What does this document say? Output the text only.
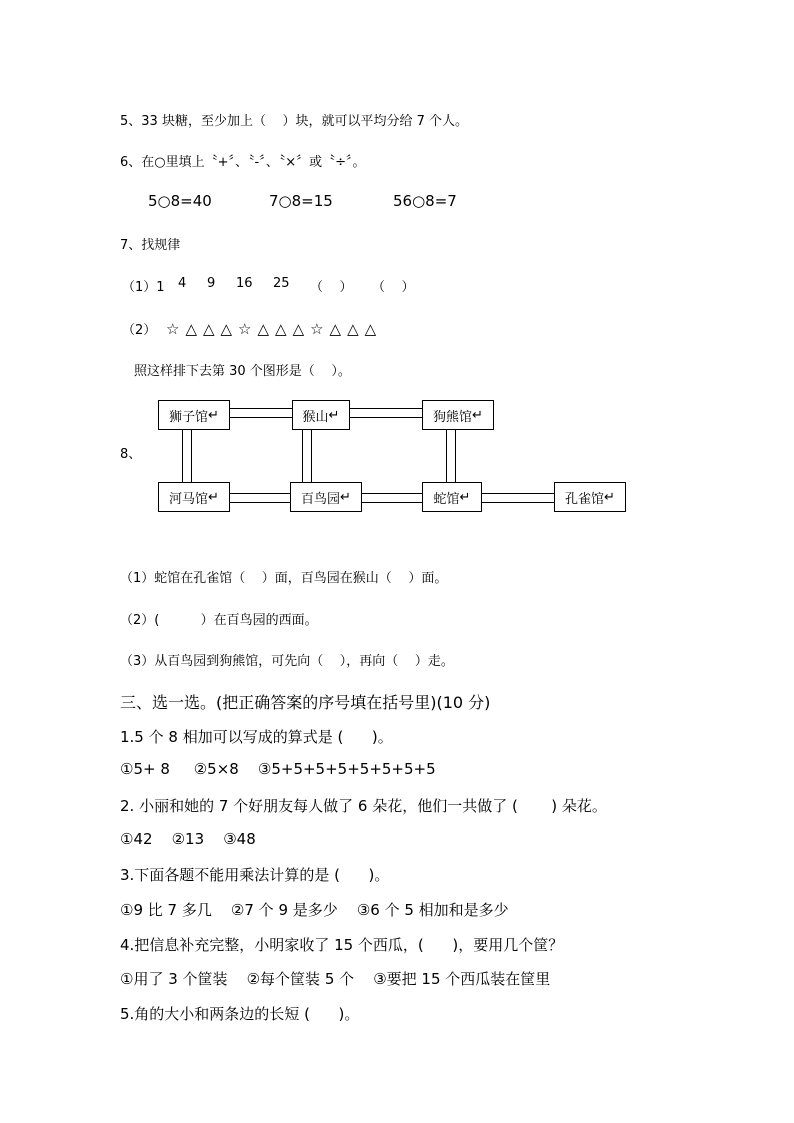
5、33 块糖，至少加上（    ）块，就可以平均分给 7 个人。
6、在○里填上〝+〞、〝-〞、〝×〞或〝÷〞。
5○8=40	7○8=15	56○8=7
7、找规律
（1）1 4 9 16 25 （    ） （    ）
（2） ☆△△△☆△△△☆△△△
照这样排下去第 30 个图形是（    ）。
8、
狮子馆 ↵	猴山 ↵	狗熊馆 ↵
河马馆 ↵	百鸟园 ↵	蛇馆 ↵	孔雀馆 ↵
（1）蛇馆在孔雀馆（    ）面，百鸟园在猴山（    ）面。
（2）(          ）在百鸟园的西面。
（3）从百鸟园到狗熊馆，可先向（    ），再向（    ）走。
三、选一选。(把正确答案的序号填在括号里)(10 分)
1.5 个 8 相加可以写成的算式是 (      )。
①5+ 8     ②5×8    ③5+5+5+5+5+5+5+5
2. 小丽和她的 7 个好朋友每人做了 6 朵花，他们一共做了 (       ) 朵花。
①42    ②13    ③48
3.下面各题不能用乘法计算的是 (      )。
①9 比 7 多几    ②7 个 9 是多少    ③6 个 5 相加和是多少
4.把信息补充完整，小明家收了 15 个西瓜，(      )，要用几个筐？
①用了 3 个筐装    ②每个筐装 5 个    ③要把 15 个西瓜装在筐里
5.角的大小和两条边的长短 (      )。
